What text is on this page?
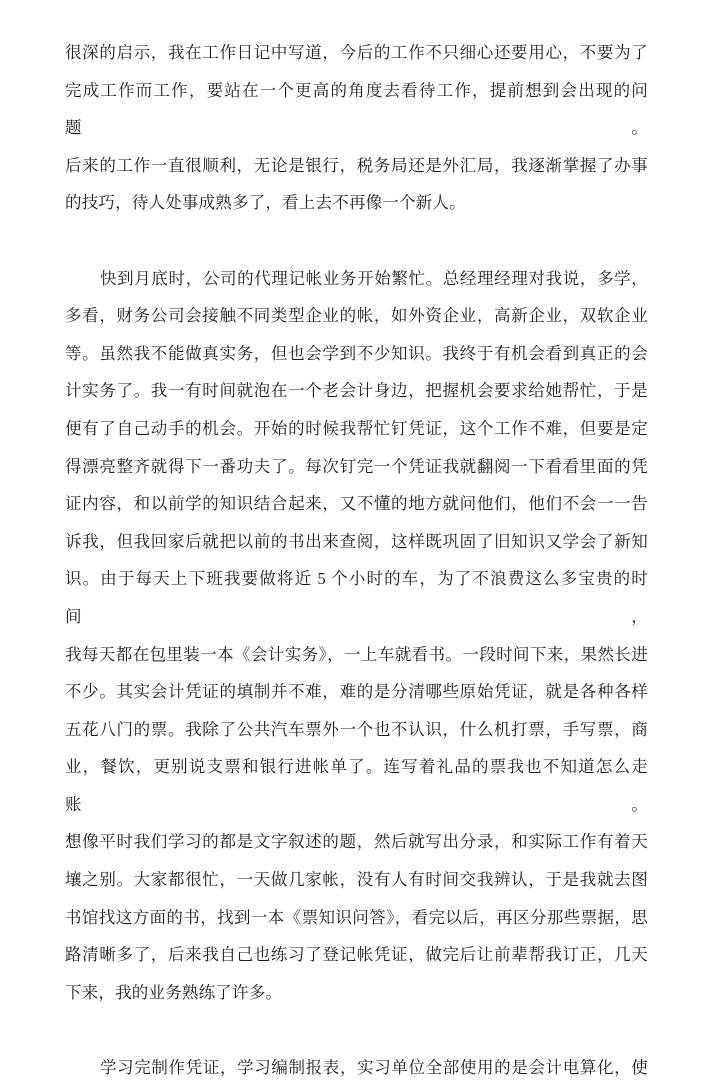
很深的启示，我在工作日记中写道，今后的工作不只细心还要用心，不要为了
完成工作而工作，要站在一个更高的角度去看待工作，提前想到会出现的问题。
后来的工作一直很顺利，无论是银行，税务局还是外汇局，我逐渐掌握了办事
的技巧，待人处事成熟多了，看上去不再像一个新人。
快到月底时，公司的代理记帐业务开始繁忙。总经理经理对我说，多学，
多看，财务公司会接触不同类型企业的帐，如外资企业，高新企业，双软企业
等。虽然我不能做真实务，但也会学到不少知识。我终于有机会看到真正的会
计实务了。我一有时间就泡在一个老会计身边，把握机会要求给她帮忙，于是
便有了自己动手的机会。开始的时候我帮忙钉凭证，这个工作不难，但要是定
得漂亮整齐就得下一番功夫了。每次钉完一个凭证我就翻阅一下看看里面的凭
证内容，和以前学的知识结合起来，又不懂的地方就问他们，他们不会一一告
诉我，但我回家后就把以前的书出来查阅，这样既巩固了旧知识又学会了新知
识。由于每天上下班我要做将近 5 个小时的车，为了不浪费这么多宝贵的时间，
我每天都在包里装一本《会计实务》，一上车就看书。一段时间下来，果然长进
不少。其实会计凭证的填制并不难，难的是分清哪些原始凭证，就是各种各样
五花八门的票。我除了公共汽车票外一个也不认识，什么机打票，手写票，商
业，餐饮，更别说支票和银行进帐单了。连写着礼品的票我也不知道怎么走账。
想像平时我们学习的都是文字叙述的题，然后就写出分录，和实际工作有着天
壤之别。大家都很忙，一天做几家帐，没有人有时间交我辨认，于是我就去图
书馆找这方面的书，找到一本《票知识问答》，看完以后，再区分那些票据，思
路清晰多了，后来我自己也练习了登记帐凭证，做完后让前辈帮我订正，几天
下来，我的业务熟练了许多。
学习完制作凭证，学习编制报表，实习单位全部使用的是会计电算化，使
